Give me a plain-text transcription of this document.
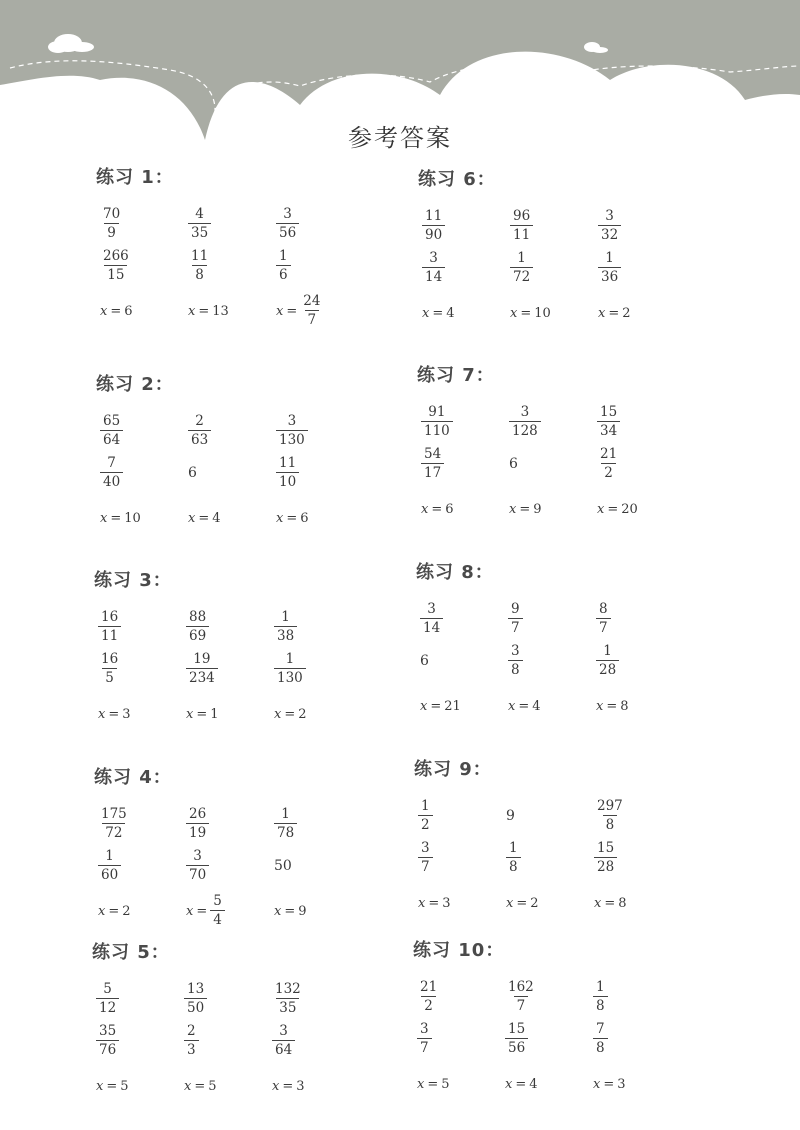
参考答案
练习 1：
$\frac{70}{9}$	$\frac{4}{35}$	$\frac{3}{56}$
$\frac{266}{15}$	$\frac{11}{8}$	$\frac{1}{6}$
x = 6	x = 13	$x = \frac{24}{7}$
练习 2：
$\frac{65}{64}$	$\frac{2}{63}$	$\frac{3}{130}$
$\frac{7}{40}$	6	$\frac{11}{10}$
x = 10	x = 4	x = 6
练习 3：
$\frac{16}{11}$	$\frac{88}{69}$	$\frac{1}{38}$
$\frac{16}{5}$	$\frac{19}{234}$	$\frac{1}{130}$
x = 3	x = 1	x = 2
练习 4：
$\frac{175}{72}$	$\frac{26}{19}$	$\frac{1}{78}$
$\frac{1}{60}$	$\frac{3}{70}$	50
x = 2	$x = \frac{5}{4}$	x = 9
练习 5：
$\frac{5}{12}$	$\frac{13}{50}$	$\frac{132}{35}$
$\frac{35}{76}$	$\frac{2}{3}$	$\frac{3}{64}$
x = 5	x = 5	x = 3
练习 6：
$\frac{11}{90}$	$\frac{96}{11}$	$\frac{3}{32}$
$\frac{3}{14}$	$\frac{1}{72}$	$\frac{1}{36}$
x = 4	x = 10	x = 2
练习 7：
$\frac{91}{110}$	$\frac{3}{128}$	$\frac{15}{34}$
$\frac{54}{17}$	6	$\frac{21}{2}$
x = 6	x = 9	x = 20
练习 8：
$\frac{3}{14}$	$\frac{9}{7}$	$\frac{8}{7}$
6	$\frac{3}{8}$	$\frac{1}{28}$
x = 21	x = 4	x = 8
练习 9：
$\frac{1}{2}$	9	$\frac{297}{8}$
$\frac{3}{7}$	$\frac{1}{8}$	$\frac{15}{28}$
x = 3	x = 2	x = 8
练习 10：
$\frac{21}{2}$	$\frac{162}{7}$	$\frac{1}{8}$
$\frac{3}{7}$	$\frac{15}{56}$	$\frac{7}{8}$
x = 5	x = 4	x = 3
